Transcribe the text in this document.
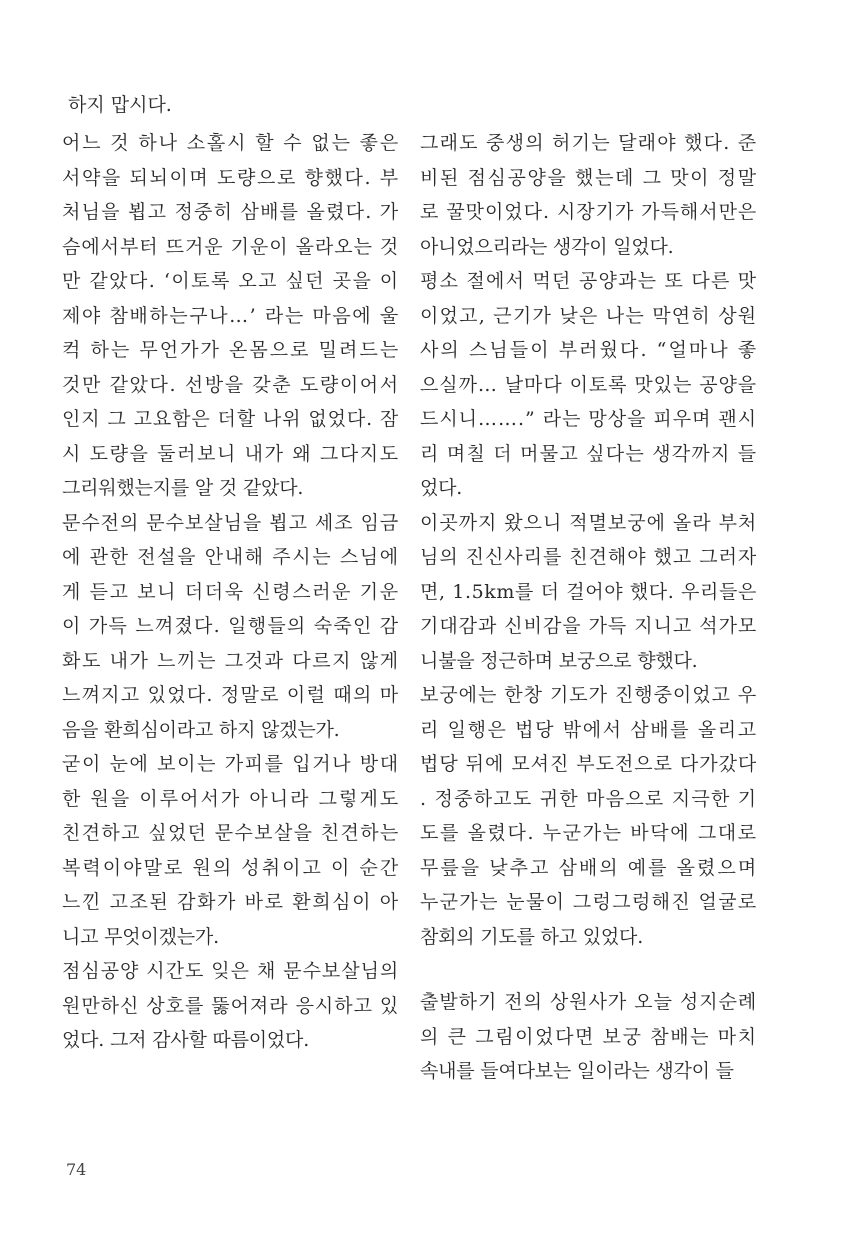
하지 맙시다.
어느 것 하나 소홀시 할 수 없는 좋은
서약을 되뇌이며 도량으로 향했다. 부
처님을 뵙고 정중히 삼배를 올렸다. 가
슴에서부터 뜨거운 기운이 올라오는 것
만 같았다. ‘이토록 오고 싶던 곳을 이
제야 참배하는구나…’ 라는 마음에 울
컥 하는 무언가가 온몸으로 밀려드는
것만 같았다. 선방을 갖춘 도량이어서
인지 그 고요함은 더할 나위 없었다. 잠
시 도량을 둘러보니 내가 왜 그다지도
그리워했는지를 알 것 같았다.
문수전의 문수보살님을 뵙고 세조 임금
에 관한 전설을 안내해 주시는 스님에
게 듣고 보니 더더욱 신령스러운 기운
이 가득 느껴졌다. 일행들의 숙죽인 감
화도 내가 느끼는 그것과 다르지 않게
느껴지고 있었다. 정말로 이럴 때의 마
음을 환희심이라고 하지 않겠는가.
굳이 눈에 보이는 가피를 입거나 방대
한 원을 이루어서가 아니라 그렇게도
친견하고 싶었던 문수보살을 친견하는
복력이야말로 원의 성취이고 이 순간
느낀 고조된 감화가 바로 환희심이 아
니고 무엇이겠는가.
점심공양 시간도 잊은 채 문수보살님의
원만하신 상호를 뚫어져라 응시하고 있
었다. 그저 감사할 따름이었다.
그래도 중생의 허기는 달래야 했다. 준
비된 점심공양을 했는데 그 맛이 정말
로 꿀맛이었다. 시장기가 가득해서만은
아니었으리라는 생각이 일었다.
평소 절에서 먹던 공양과는 또 다른 맛
이었고, 근기가 낮은 나는 막연히 상원
사의 스님들이 부러웠다. “얼마나 좋
으실까… 날마다 이토록 맛있는 공양을
드시니…….” 라는 망상을 피우며 괜시
리 며칠 더 머물고 싶다는 생각까지 들
었다.
이곳까지 왔으니 적멸보궁에 올라 부처
님의 진신사리를 친견해야 했고 그러자
면, 1.5km를 더 걸어야 했다. 우리들은
기대감과 신비감을 가득 지니고 석가모
니불을 정근하며 보궁으로 향했다.
보궁에는 한창 기도가 진행중이었고 우
리 일행은 법당 밖에서 삼배를 올리고
법당 뒤에 모셔진 부도전으로 다가갔다
. 정중하고도 귀한 마음으로 지극한 기
도를 올렸다. 누군가는 바닥에 그대로
무릎을 낮추고 삼배의 예를 올렸으며
누군가는 눈물이 그렁그렁해진 얼굴로
참회의 기도를 하고 있었다.
출발하기 전의 상원사가 오늘 성지순례
의 큰 그림이었다면 보궁 참배는 마치
속내를 들여다보는 일이라는 생각이 들
74
